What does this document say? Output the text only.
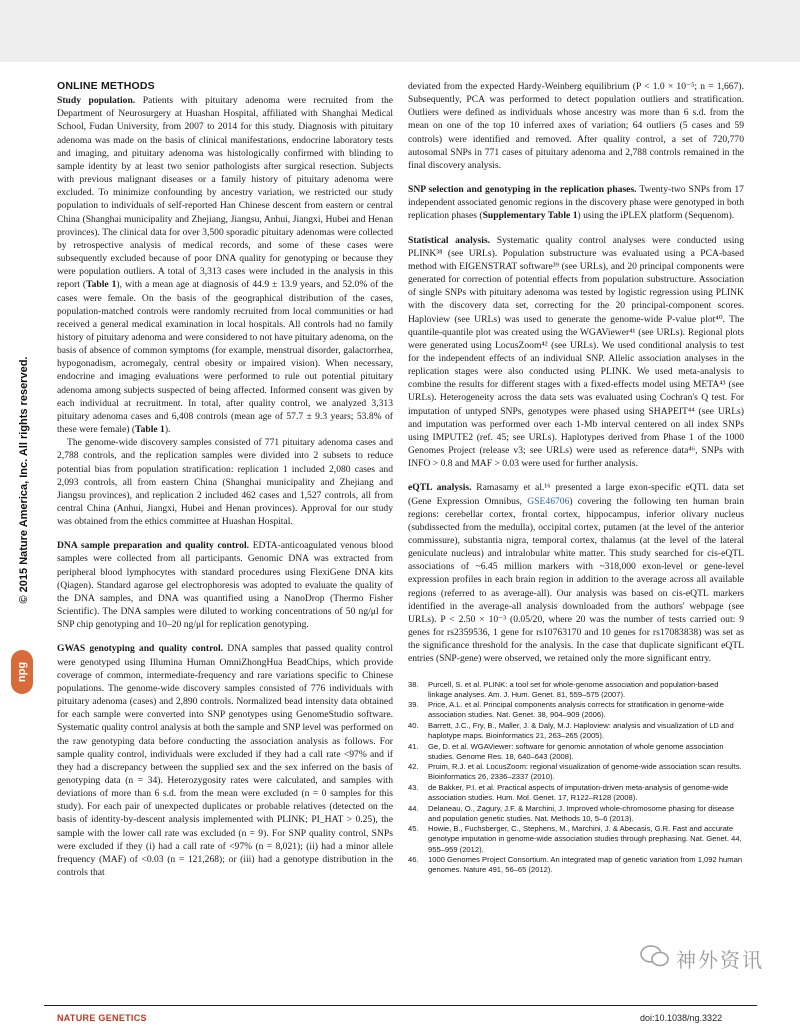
© 2015 Nature America, Inc. All rights reserved.
npg
ONLINE METHODS

Study population. Patients with pituitary adenoma were recruited from the Department of Neurosurgery at Huashan Hospital, affiliated with Shanghai Medical School, Fudan University, from 2007 to 2014 for this study. Diagnosis with pituitary adenoma was made on the basis of clinical manifestations, endocrine laboratory tests and imaging, and pituitary adenoma was histologically confirmed with blinding to sample identity by at least two senior pathologists after surgical resection. Subjects with previous malignant diseases or a family history of pituitary adenoma were excluded. To minimize confounding by ancestry variation, we restricted our study population to individuals of self-reported Han Chinese descent from eastern or central China (Shanghai municipality and Zhejiang, Jiangsu, Anhui, Jiangxi, Hubei and Henan provinces). The clinical data for over 3,500 sporadic pituitary adenomas were collected by retrospective analysis of medical records, and some of these cases were subsequently excluded because of poor DNA quality for genotyping or because they were population outliers. A total of 3,313 cases were included in the analysis in this report (Table 1), with a mean age at diagnosis of 44.9 ± 13.9 years, and 52.0% of the cases were female. On the basis of the geographical distribution of the cases, population-matched controls were randomly recruited from local communities or had received a general medical examination in local hospitals. All controls had no family history of pituitary adenoma and were considered to not have pituitary adenoma, on the basis of absence of common symptoms (for example, menstrual disorder, galactorrhea, hypogonadism, acromegaly, central obesity or impaired vision). When necessary, endocrine and imaging evaluations were performed to rule out potential pituitary adenoma among subjects suspected of being affected. Informed consent was given by each individual at recruitment. In total, after quality control, we analyzed 3,313 pituitary adenoma cases and 6,408 controls (mean age of 57.7 ± 9.3 years; 53.8% of these were female) (Table 1).

The genome-wide discovery samples consisted of 771 pituitary adenoma cases and 2,788 controls, and the replication samples were divided into 2 subsets to reduce potential bias from population stratification: replication 1 included 2,080 cases and 2,093 controls, all from eastern China (Shanghai municipality and Zhejiang and Jiangsu provinces), and replication 2 included 462 cases and 1,527 controls, all from central China (Anhui, Jiangxi, Hubei and Henan provinces). Approval for our study was obtained from the ethics committee at Huashan Hospital.

DNA sample preparation and quality control. EDTA-anticoagulated venous blood samples were collected from all participants. Genomic DNA was extracted from peripheral blood lymphocytes with standard procedures using FlexiGene DNA kits (Qiagen). Standard agarose gel electrophoresis was adopted to evaluate the quality of the DNA samples, and DNA was quantified using a NanoDrop (Thermo Fisher Scientific). The DNA samples were diluted to working concentrations of 50 ng/μl for SNP chip genotyping and 10–20 ng/μl for replication genotyping.

GWAS genotyping and quality control. DNA samples that passed quality control were genotyped using Illumina Human OmniZhongHua BeadChips, which provide coverage of common, intermediate-frequency and rare variations specific to Chinese populations. The genome-wide discovery samples consisted of 776 individuals with pituitary adenoma (cases) and 2,890 controls. Normalized bead intensity data obtained for each sample were converted into SNP genotypes using GenomeStudio software. Systematic quality control analysis at both the sample and SNP level was performed on the raw genotyping data before conducting the association analysis as follows. For sample quality control, individuals were excluded if they had a call rate <97% and if they had a discrepancy between the supplied sex and the sex inferred on the basis of genotyping data (n = 34). Heterozygosity rates were calculated, and samples with deviations of more than 6 s.d. from the mean were excluded (n = 0 samples for this study). For each pair of unexpected duplicates or probable relatives (detected on the basis of identity-by-descent analysis implemented with PLINK; PI_HAT > 0.25), the sample with the lower call rate was excluded (n = 9). For SNP quality control, SNPs were excluded if they (i) had a call rate of <97% (n = 8,021); (ii) had a minor allele frequency (MAF) of <0.03 (n = 121,268); or (iii) had a genotype distribution in the controls that

deviated from the expected Hardy-Weinberg equilibrium (P < 1.0 × 10⁻⁵; n = 1,667). Subsequently, PCA was performed to detect population outliers and stratification. Outliers were defined as individuals whose ancestry was more than 6 s.d. from the mean on one of the top 10 inferred axes of variation; 64 outliers (5 cases and 59 controls) were identified and removed. After quality control, a set of 720,770 autosomal SNPs in 771 cases of pituitary adenoma and 2,788 controls remained in the final discovery analysis.

SNP selection and genotyping in the replication phases. Twenty-two SNPs from 17 independent associated genomic regions in the discovery phase were genotyped in both replication phases (Supplementary Table 1) using the iPLEX platform (Sequenom).

Statistical analysis. Systematic quality control analyses were conducted using PLINK³⁸ (see URLs). Population substructure was evaluated using a PCA-based method with EIGENSTRAT software³⁹ (see URLs), and 20 principal components were generated for correction of potential effects from population substructure. Association of single SNPs with pituitary adenoma was tested by logistic regression using PLINK with the discovery data set, correcting for the 20 principal-component scores. Haploview (see URLs) was used to generate the genome-wide P-value plot⁴⁰. The quantile-quantile plot was created using the WGAViewer⁴¹ (see URLs). Regional plots were generated using LocusZoom⁴² (see URLs). We used conditional analysis to test for the independent effects of an individual SNP. Allelic association analyses in the replication stages were also conducted using PLINK. We used meta-analysis to combine the results for different stages with a fixed-effects model using META⁴³ (see URLs). Heterogeneity across the data sets was evaluated using Cochran's Q test. For imputation of untyped SNPs, genotypes were phased using SHAPEIT⁴⁴ (see URLs) and imputation was performed over each 1-Mb interval centered on all index SNPs using IMPUTE2 (ref. 45; see URLs). Haplotypes derived from Phase 1 of the 1000 Genomes Project (release v3; see URLs) were used as reference data⁴⁶, SNPs with INFO > 0.8 and MAF > 0.03 were used for further analysis.

eQTL analysis. Ramasamy et al.¹⁶ presented a large exon-specific eQTL data set (Gene Expression Omnibus, GSE46706) covering the following ten human brain regions: cerebellar cortex, frontal cortex, hippocampus, inferior olivary nucleus (subdissected from the medulla), occipital cortex, putamen (at the level of the anterior commissure), substantia nigra, temporal cortex, thalamus (at the level of the lateral geniculate nucleus) and intralobular white matter. This study searched for cis-eQTL associations of ~6.45 million markers with ~318,000 exon-level or gene-level expression profiles in each brain region in addition to the average across all available regions (referred to as average-all). Our analysis was based on cis-eQTL markers identified in the average-all analysis downloaded from the authors' webpage (see URLs). P < 2.50 × 10⁻³ (0.05/20, where 20 was the number of tests carried out: 9 genes for rs2359536, 1 gene for rs10763170 and 10 genes for rs17083838) was set as the significance threshold for the analysis. In the case that duplicate significant eQTL entries (SNP-gene) were observed, we retained only the more significant entry.

38.	Purcell, S. et al. PLINK: a tool set for whole-genome association and population-based linkage analyses. Am. J. Hum. Genet. 81, 559–575 (2007).
39.	Price, A.L. et al. Principal components analysis corrects for stratification in genome-wide association studies. Nat. Genet. 38, 904–909 (2006).
40.	Barrett, J.C., Fry, B., Maller, J. & Daly, M.J. Haploview: analysis and visualization of LD and haplotype maps. Bioinformatics 21, 263–265 (2005).
41.	Ge, D. et al. WGAViewer: software for genomic annotation of whole genome association studies. Genome Res. 18, 640–643 (2008).
42.	Pruim, R.J. et al. LocusZoom: regional visualization of genome-wide association scan results. Bioinformatics 26, 2336–2337 (2010).
43.	de Bakker, P.I. et al. Practical aspects of imputation-driven meta-analysis of genome-wide association studies. Hum. Mol. Genet. 17, R122–R128 (2008).
44.	Delaneau, O., Zagury, J.F. & Marchini, J. Improved whole-chromosome phasing for disease and population genetic studies. Nat. Methods 10, 5–6 (2013).
45.	Howie, B., Fuchsberger, C., Stephens, M., Marchini, J. & Abecasis, G.R. Fast and accurate genotype imputation in genome-wide association studies through prephasing. Nat. Genet. 44, 955–959 (2012).
46.	1000 Genomes Project Consortium. An integrated map of genetic variation from 1,092 human genomes. Nature 491, 56–65 (2012).
NATURE GENETICS	doi:10.1038/ng.3322
神外资讯
